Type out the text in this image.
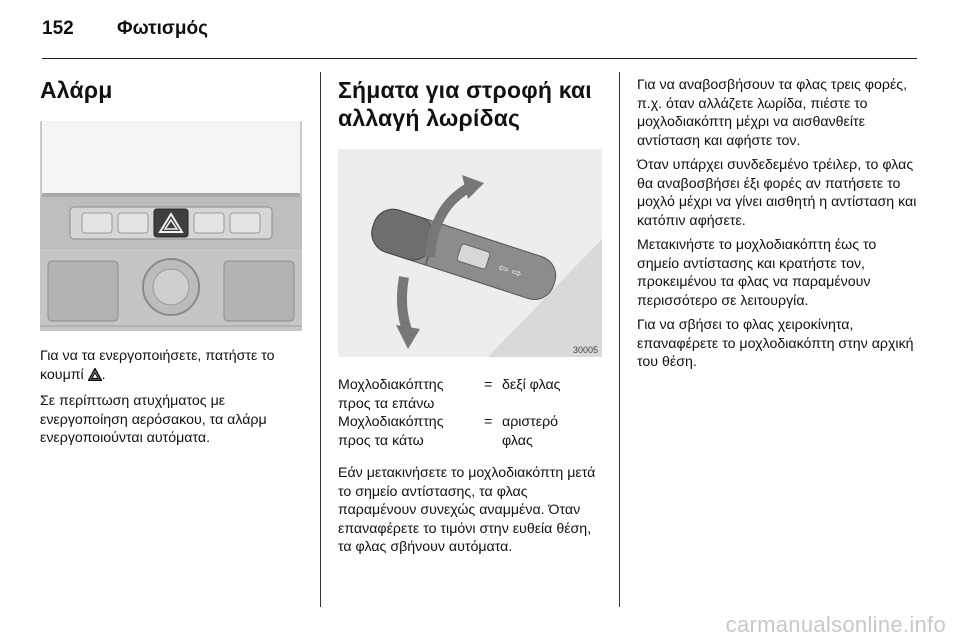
152 Φωτισμός
Αλάρμ

Για να τα ενεργοποιήσετε, πατήστε το κουμπί .

Σε περίπτωση ατυχήματος με ενεργοποίηση αερόσακου, τα αλάρμ ενεργοποιούνται αυτόματα.

Σήματα για στροφή και
αλλαγή λωρίδας
⇦ ⇨
30005
Μοχλοδιακόπτης
προς τα επάνω
= δεξί φλας
Μοχλοδιακόπτης
προς τα κάτω
= αριστερό
φλας

Εάν μετακινήσετε το μοχλοδιακόπτη μετά το σημείο αντίστασης, τα φλας παραμένουν συνεχώς αναμμένα. Όταν επαναφέρετε το τιμόνι στην ευθεία θέση, τα φλας σβήνουν αυτόματα.

Για να αναβοσβήσουν τα φλας τρεις φορές, π.χ. όταν αλλάζετε λωρίδα, πιέστε το μοχλοδιακόπτη μέχρι να αισθανθείτε αντίσταση και αφήστε τον.

Όταν υπάρχει συνδεδεμένο τρέιλερ, το φλας θα αναβοσβήσει έξι φορές αν πατήσετε το μοχλό μέχρι να γίνει αισθητή η αντίσταση και κατόπιν αφήσετε.

Μετακινήστε το μοχλοδιακόπτη έως το σημείο αντίστασης και κρατήστε τον, προκειμένου τα φλας να παραμένουν περισσότερο σε λειτουργία.

Για να σβήσει το φλας χειροκίνητα, επαναφέρετε το μοχλοδιακόπτη στην αρχική του θέση.

carmanualsonline.info
